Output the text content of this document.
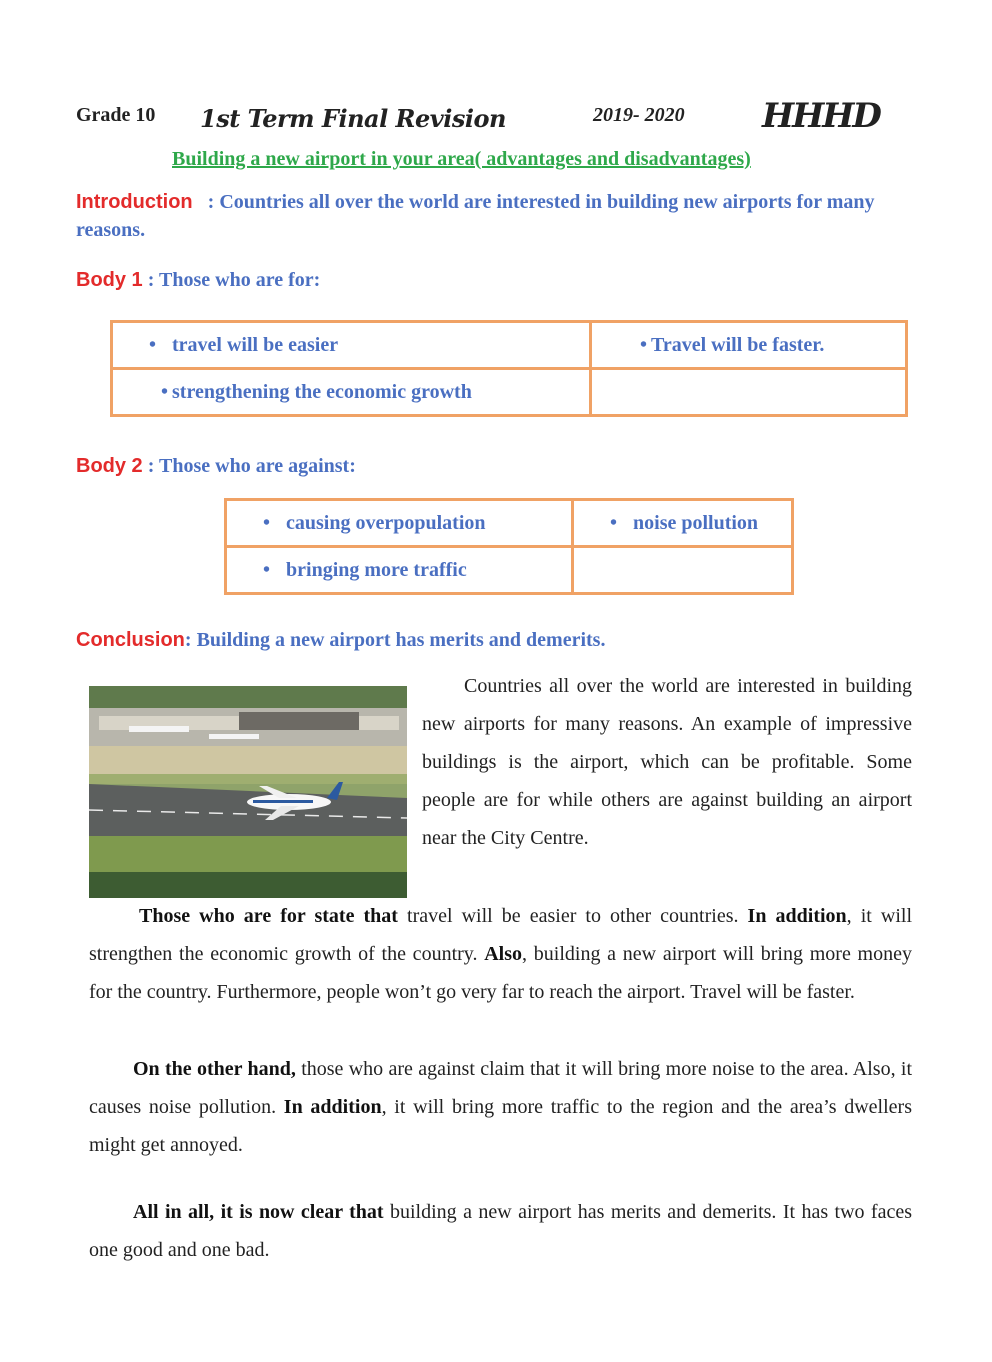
Grade 10 1st Term Final Revision	2019- 2020 HHHD
Building a new airport in your area( advantages and disadvantages)
Introduction   : Countries all over the world are interested in building new airports for many reasons.
Body 1 : Those who are for:
• travel will be easier	• Travel will be faster.
• strengthening the economic growth	
Body 2 : Those who are against:
• causing overpopulation	• noise pollution
• bringing more traffic	
Conclusion: Building a new airport has merits and demerits.
Countries all over the world are interested in building new airports for many reasons. An example of impressive buildings is the airport, which can be profitable. Some people are for while others are against building an airport near the City Centre.
Those who are for state that travel will be easier to other countries. In addition, it will strengthen the economic growth of the country. Also, building a new airport will bring more money for the country. Furthermore, people won’t go very far to reach the airport. Travel will be faster.
On the other hand, those who are against claim that it will bring more noise to the area. Also, it causes noise pollution. In addition, it will bring more traffic to the region and the area’s dwellers might get annoyed.
All in all, it is now clear that building a new airport has merits and demerits. It has two faces one good and one bad.
